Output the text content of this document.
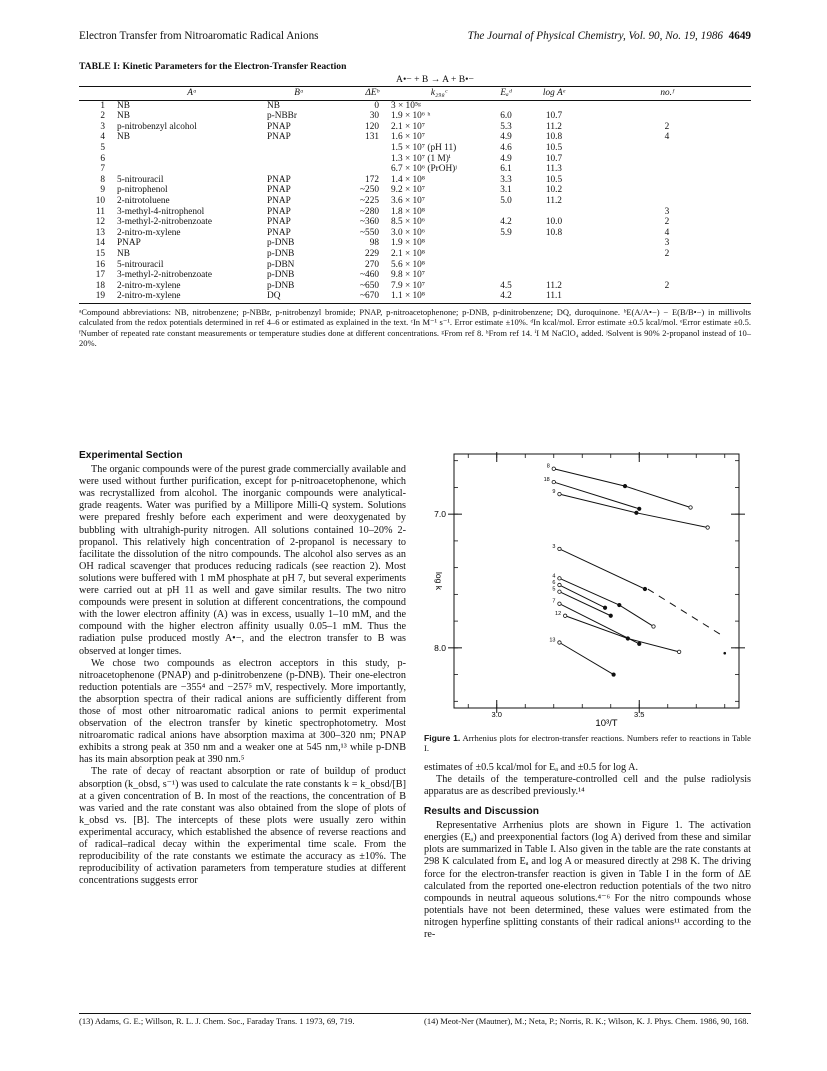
Electron Transfer from Nitroaromatic Radical Anions	The Journal of Physical Chemistry, Vol. 90, No. 19, 1986 4649
TABLE I: Kinetic Parameters for the Electron-Transfer Reaction
A•− + B → A + B•−
	Aᵃ	Bᵃ	ΔEᵇ	k₂₉₈ᶜ	Eₐᵈ	log Aᵉ	no.ᶠ
1	NB	NB	0	3 × 10⁵ᵍ			
2	NB	p-NBBr	30	1.9 × 10⁶ ʰ	6.0	10.7	
3	p-nitrobenzyl alcohol	PNAP	120	2.1 × 10⁷	5.3	11.2	2
4	NB	PNAP	131	1.6 × 10⁷	4.9	10.8	4
5				1.5 × 10⁷ (pH 11)	4.6	10.5	
6				1.3 × 10⁷ (1 M)ⁱ	4.9	10.7	
7				6.7 × 10⁶ (PrOH)ʲ	6.1	11.3	
8	5-nitrouracil	PNAP	172	1.4 × 10⁸	3.3	10.5	
9	p-nitrophenol	PNAP	~250	9.2 × 10⁷	3.1	10.2	
10	2-nitrotoluene	PNAP	~225	3.6 × 10⁷	5.0	11.2	
11	3-methyl-4-nitrophenol	PNAP	~280	1.8 × 10⁸			3
12	3-methyl-2-nitrobenzoate	PNAP	~360	8.5 × 10⁶	4.2	10.0	2
13	2-nitro-m-xylene	PNAP	~550	3.0 × 10⁶	5.9	10.8	4
14	PNAP	p-DNB	98	1.9 × 10⁸			3
15	NB	p-DNB	229	2.1 × 10⁸			2
16	5-nitrouracil	p-DBN	270	5.6 × 10⁸			
17	3-methyl-2-nitrobenzoate	p-DNB	~460	9.8 × 10⁷			
18	2-nitro-m-xylene	p-DNB	~650	7.9 × 10⁷	4.5	11.2	2
19	2-nitro-m-xylene	DQ	~670	1.1 × 10⁸	4.2	11.1	
ᵃCompound abbreviations: NB, nitrobenzene; p-NBBr, p-nitrobenzyl bromide; PNAP, p-nitroacetophenone; p-DNB, p-dinitrobenzene; DQ, duroquinone. ᵇE(A/A•−) − E(B/B•−) in millivolts calculated from the redox potentials determined in ref 4–6 or estimated as explained in the text. ᶜIn M⁻¹ s⁻¹. Error estimate ±10%. ᵈIn kcal/mol. Error estimate ±0.5 kcal/mol. ᵉError estimate ±0.5. ᶠNumber of repeated rate constant measurements or temperature studies done at different concentrations. ᵍFrom ref 8. ʰFrom ref 14. ⁱI M NaClO₄ added. ʲSolvent is 90% 2-propanol instead of 10–20%.
Experimental Section

The organic compounds were of the purest grade commercially available and were used without further purification, except for p-nitroacetophenone, which was recrystallized from alcohol. The inorganic compounds were analytical-grade reagents. Water was purified by a Millipore Milli-Q system. Solutions were prepared freshly before each experiment and were deoxygenated by bubbling with ultrahigh-purity nitrogen. All solutions contained 10–20% 2-propanol. This relatively high concentration of 2-propanol is necessary to facilitate the dissolution of the nitro compounds. The alcohol also serves as an OH radical scavenger that produces reducing radicals (see reaction 2). Most solutions were buffered with 1 mM phosphate at pH 7, but several experiments were carried out at pH 11 as well and gave similar results. The two nitro compounds were present in solution at different concentrations, the compound with the lower electron affinity (A) was in excess, usually 1–10 mM, and the compound with the higher electron affinity usually 0.05–1 mM. Thus the radiation pulse produced mostly A•−, and the electron transfer to B was observed at longer times.

We chose two compounds as electron acceptors in this study, p-nitroacetophenone (PNAP) and p-dinitrobenzene (p-DNB). Their one-electron reduction potentials are −355⁴ and −257⁵ mV, respectively. More importantly, the absorption spectra of their radical anions are sufficiently different from those of most other nitroaromatic radical anions to permit experimental observation of the electron transfer by kinetic spectrophotometry. Most nitroaromatic radical anions have absorption maxima at 300–320 nm; PNAP exhibits a strong peak at 350 nm and a weaker one at 545 nm,¹³ while p-DNB has its main absorption peak at 390 nm.⁵

The rate of decay of reactant absorption or rate of buildup of product absorption (k_obsd, s⁻¹) was used to calculate the rate constants k = k_obsd/[B] at a given concentration of B. In most of the reactions, the concentration of B was varied and the rate constant was also obtained from the slope of plots of k_obsd vs. [B]. The intercepts of these plots were usually zero within experimental accuracy, which established the absence of reverse reactions and of radical–radical decay within the experimental time scale. From the reproducibility of the rate constants we estimate the accuracy as ±10%. The reproducibility of activation parameters from temperature studies at different concentrations suggests error

8.0
7.0
3.0	3.5
log k
10³/T
8
18
9
3
4
6
5
7
12
13
Figure 1. Arrhenius plots for electron-transfer reactions. Numbers refer to reactions in Table I.

estimates of ±0.5 kcal/mol for Eₐ and ±0.5 for log A.

The details of the temperature-controlled cell and the pulse radiolysis apparatus are as described previously.¹⁴

Results and Discussion

Representative Arrhenius plots are shown in Figure 1. The activation energies (Eₐ) and preexponential factors (log A) derived from these and similar plots are summarized in Table I. Also given in the table are the rate constants at 298 K calculated from Eₐ and log A or measured directly at 298 K. The driving force for the electron-transfer reaction is given in Table I in the form of ΔE calculated from the reported one-electron reduction potentials of the two nitro compounds in neutral aqueous solutions.⁴⁻⁶ For the nitro compounds whose potentials have not been determined, these values were estimated from the nitrogen hyperfine splitting constants of their radical anions¹¹ according to the re-

(13) Adams, G. E.; Willson, R. L. J. Chem. Soc., Faraday Trans. 1 1973, 69, 719.	(14) Meot-Ner (Mautner), M.; Neta, P.; Norris, R. K.; Wilson, K. J. Phys. Chem. 1986, 90, 168.
